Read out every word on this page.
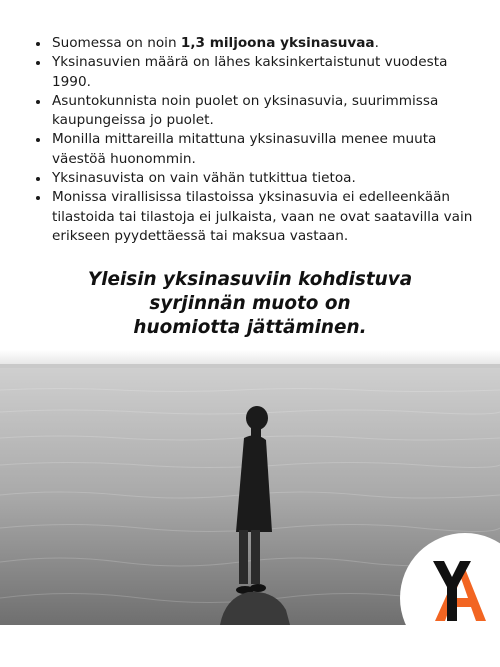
• Suomessa on noin 1,3 miljoona yksinasuvaa.
• Yksinasuvien määrä on lähes kaksinkertaistunut vuodesta 1990.
• Asuntokunnista noin puolet on yksinasuvia, suurimmissa kaupungeissa jo puolet.
• Monilla mittareilla mitattuna yksinasuvilla menee muuta väestöä huonommin.
• Yksinasuvista on vain vähän tutkittua tietoa.
• Monissa virallisissa tilastoissa yksinasuvia ei edelleenkään tilastoida tai tilastoja ei julkaista, vaan ne ovat saatavilla vain erikseen pyydettäessä tai maksua vastaan.
Yleisin yksinasuviin kohdistuva
syrjinnän muoto on
huomiotta jättäminen.
